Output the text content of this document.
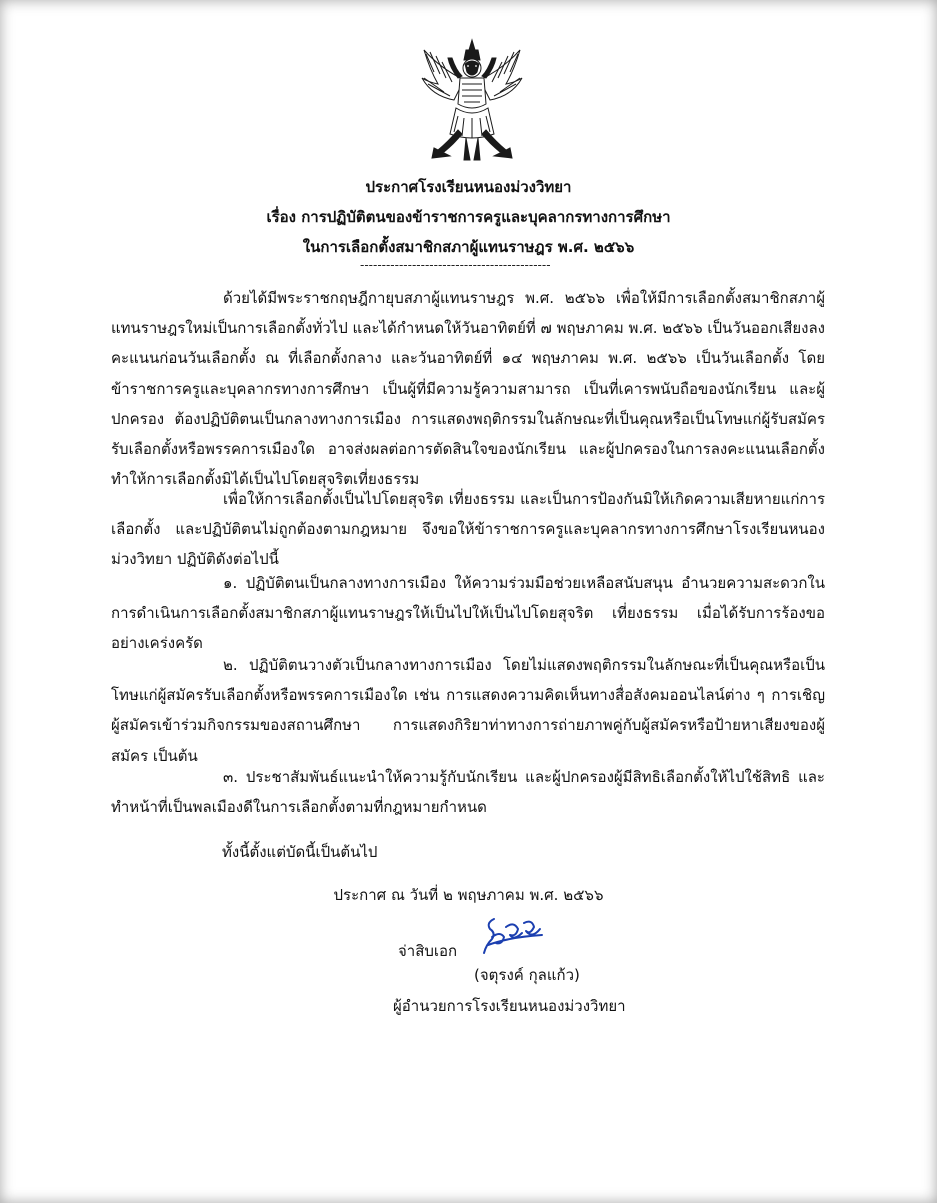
ประกาศโรงเรียนหนองม่วงวิทยา
เรื่อง การปฏิบัติตนของข้าราชการครูและบุคลากรทางการศึกษา
ในการเลือกตั้งสมาชิกสภาผู้แทนราษฎร พ.ศ. ๒๕๖๖
--------------------------------------------
ด้วยได้มีพระราชกฤษฎีกายุบสภาผู้แทนราษฎร พ.ศ. ๒๕๖๖ เพื่อให้มีการเลือกตั้งสมาชิกสภาผู้แทนราษฎรใหม่เป็นการเลือกตั้งทั่วไป และได้กำหนดให้วันอาทิตย์ที่ ๗ พฤษภาคม พ.ศ. ๒๕๖๖ เป็นวันออกเสียงลงคะแนนก่อนวันเลือกตั้ง ณ ที่เลือกตั้งกลาง และวันอาทิตย์ที่ ๑๔ พฤษภาคม พ.ศ. ๒๕๖๖ เป็นวันเลือกตั้ง โดยข้าราชการครูและบุคลากรทางการศึกษา เป็นผู้ที่มีความรู้ความสามารถ เป็นที่เคารพนับถือของนักเรียน และผู้ปกครอง ต้องปฏิบัติตนเป็นกลางทางการเมือง การแสดงพฤติกรรมในลักษณะที่เป็นคุณหรือเป็นโทษแก่ผู้รับสมัครรับเลือกตั้งหรือพรรคการเมืองใด อาจส่งผลต่อการตัดสินใจของนักเรียน และผู้ปกครองในการลงคะแนนเลือกตั้ง ทำให้การเลือกตั้งมิได้เป็นไปโดยสุจริตเที่ยงธรรม
เพื่อให้การเลือกตั้งเป็นไปโดยสุจริต เที่ยงธรรม และเป็นการป้องกันมิให้เกิดความเสียหายแก่การเลือกตั้ง และปฏิบัติตนไม่ถูกต้องตามกฎหมาย จึงขอให้ข้าราชการครูและบุคลากรทางการศึกษาโรงเรียนหนองม่วงวิทยา ปฏิบัติดังต่อไปนี้
๑. ปฏิบัติตนเป็นกลางทางการเมือง ให้ความร่วมมือช่วยเหลือสนับสนุน อำนวยความสะดวกในการดำเนินการเลือกตั้งสมาชิกสภาผู้แทนราษฎรให้เป็นไปให้เป็นไปโดยสุจริต เที่ยงธรรม เมื่อได้รับการร้องขออย่างเคร่งครัด
๒. ปฏิบัติตนวางตัวเป็นกลางทางการเมือง โดยไม่แสดงพฤติกรรมในลักษณะที่เป็นคุณหรือเป็นโทษแก่ผู้สมัครรับเลือกตั้งหรือพรรคการเมืองใด เช่น การแสดงความคิดเห็นทางสื่อสังคมออนไลน์ต่าง ๆ การเชิญผู้สมัครเข้าร่วมกิจกรรมของสถานศึกษา การแสดงกิริยาท่าทางการถ่ายภาพคู่กับผู้สมัครหรือป้ายหาเสียงของผู้สมัคร เป็นต้น
๓. ประชาสัมพันธ์แนะนำให้ความรู้กับนักเรียน และผู้ปกครองผู้มีสิทธิเลือกตั้งให้ไปใช้สิทธิ และทำหน้าที่เป็นพลเมืองดีในการเลือกตั้งตามที่กฎหมายกำหนด
ทั้งนี้ตั้งแต่บัดนี้เป็นต้นไป
ประกาศ ณ วันที่ ๒ พฤษภาคม พ.ศ. ๒๕๖๖
จ่าสิบเอก
(จตุรงค์ กุลแก้ว)
ผู้อำนวยการโรงเรียนหนองม่วงวิทยา
